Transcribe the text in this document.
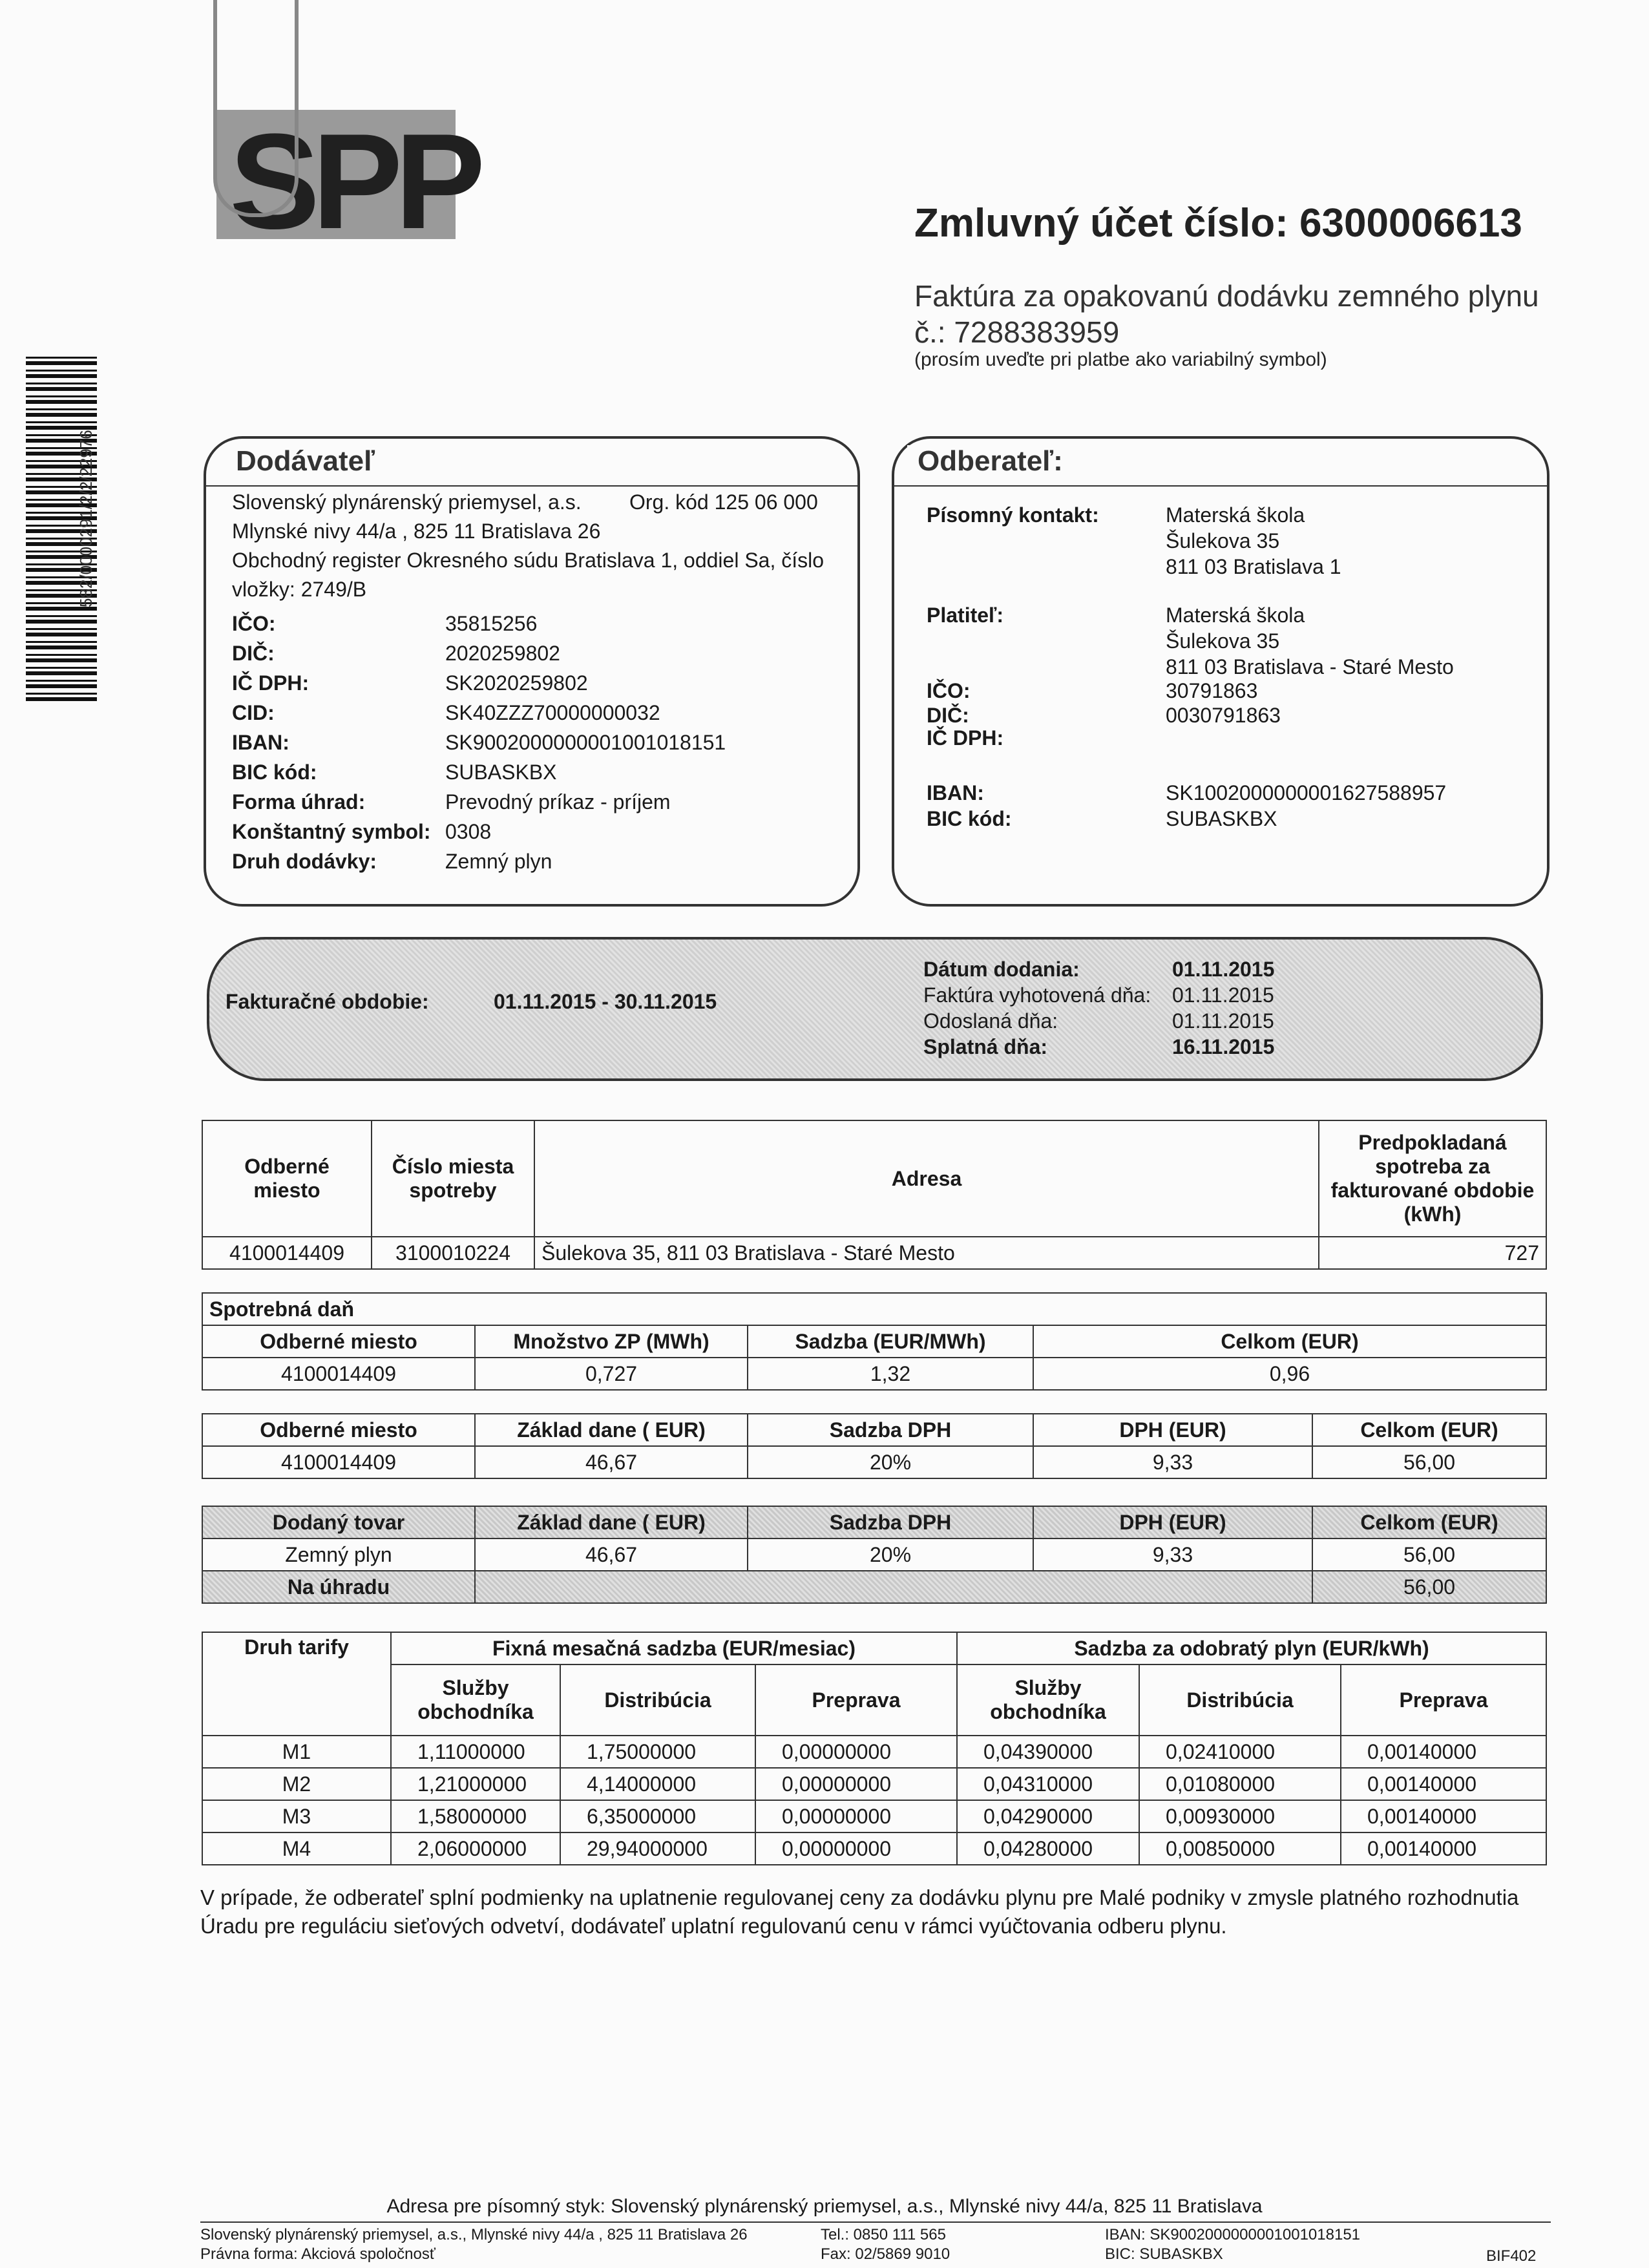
582/0000291/2/2/22976
SPP	Zmluvný účet číslo: 6300006613
Faktúra za opakovanú dodávku zemného plynu
č.: 7288383959
(prosím uveďte pri platbe ako variabilný symbol)
Dodávateľ
Slovenský plynárenský priemysel, a.s. Org. kód 125 06 000
Mlynské nivy 44/a , 825 11 Bratislava 26
Obchodný register Okresného súdu Bratislava 1, oddiel Sa, číslo
vložky: 2749/B
IČO:	35815256
DIČ:	2020259802
IČ DPH:	SK2020259802
CID:	SK40ZZZ70000000032
IBAN:	SK9002000000001001018151
BIC kód:	SUBASKBX
Forma úhrad:	Prevodný príkaz - príjem
Konštantný symbol: 0308
Druh dodávky:	Zemný plyn
Odberateľ:
Písomný kontakt:	Materská škola
Šulekova 35
811 03 Bratislava 1
Platiteľ:	Materská škola
Šulekova 35
811 03 Bratislava - Staré Mesto
IČO:	30791863
DIČ:	0030791863
IČ DPH:
IBAN:	SK1002000000001627588957
BIC kód:	SUBASKBX
Fakturačné obdobie:	01.11.2015 - 30.11.2015
Dátum dodania:	01.11.2015
Faktúra vyhotovená dňa: 01.11.2015
Odoslaná dňa:	01.11.2015
Splatná dňa:	16.11.2015
Odberné miesto	Číslo miesta spotreby	Adresa	Predpokladaná spotreba za fakturované obdobie (kWh)
4100014409	3100010224	Šulekova 35, 811 03 Bratislava - Staré Mesto	727
Spotrebná daň			
Odberné miesto	Množstvo ZP (MWh)	Sadzba (EUR/MWh)	Celkom (EUR)
4100014409	0,727	1,32	0,96
Odberné miesto	Základ dane ( EUR)	Sadzba DPH	DPH (EUR)	Celkom (EUR)
4100014409	46,67	20%	9,33	56,00
Dodaný tovar	Základ dane ( EUR)	Sadzba DPH	DPH (EUR)	Celkom (EUR)
Zemný plyn	46,67	20%	9,33	56,00
Na úhradu				56,00
Druh tarify	Fixná mesačná sadzba (EUR/mesiac)			Sadzba za odobratý plyn (EUR/kWh)		
	Služby obchodníka	Distribúcia	Preprava	Služby obchodníka	Distribúcia	Preprava
M1	1,11000000	1,75000000	0,00000000	0,04390000	0,02410000	0,00140000
M2	1,21000000	4,14000000	0,00000000	0,04310000	0,01080000	0,00140000
M3	1,58000000	6,35000000	0,00000000	0,04290000	0,00930000	0,00140000
M4	2,06000000	29,94000000	0,00000000	0,04280000	0,00850000	0,00140000
V prípade, že odberateľ splní podmienky na uplatnenie regulovanej ceny za dodávku plynu pre Malé podniky v zmysle platného rozhodnutia Úradu pre reguláciu sieťových odvetví, dodávateľ uplatní regulovanú cenu v rámci vyúčtovania odberu plynu.
Adresa pre písomný styk: Slovenský plynárenský priemysel, a.s., Mlynské nivy 44/a, 825 11 Bratislava
Slovenský plynárenský priemysel, a.s., Mlynské nivy 44/a , 825 11 Bratislava 26
Právna forma: Akciová spoločnosť
Tel.: 0850 111 565
Fax: 02/5869 9010
IBAN: SK9002000000001001018151
BIC: SUBASKBX	BIF402
